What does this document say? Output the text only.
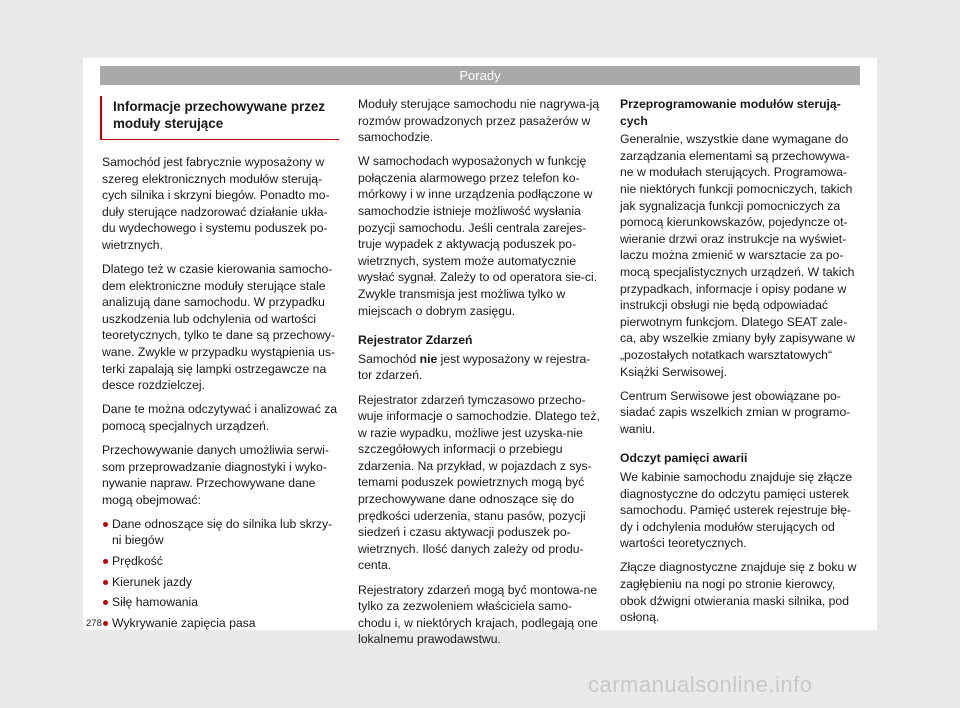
Porady
Informacje przechowywane przez
moduły sterujące

Samochód jest fabrycznie wyposażony w szereg elektronicznych modułów sterują-cych silnika i skrzyni biegów. Ponadto mo-duły sterujące nadzorować działanie ukła-du wydechowego i systemu poduszek po-wietrznych.

Dlatego też w czasie kierowania samocho-dem elektroniczne moduły sterujące stale analizują dane samochodu. W przypadku uszkodzenia lub odchylenia od wartości teoretycznych, tylko te dane są przechowy-wane. Zwykle w przypadku wystąpienia us-terki zapalają się lampki ostrzegawcze na desce rozdzielczej.

Dane te można odczytywać i analizować za pomocą specjalnych urządzeń.

Przechowywanie danych umożliwia serwi-som przeprowadzanie diagnostyki i wyko-nywanie napraw. Przechowywane dane mogą obejmować:

Dane odnoszące się do silnika lub skrzy-ni biegów
Prędkość
Kierunek jazdy
Siłę hamowania
Wykrywanie zapięcia pasa

Moduły sterujące samochodu nie nagrywa-ją rozmów prowadzonych przez pasażerów w samochodzie.

W samochodach wyposażonych w funkcję połączenia alarmowego przez telefon ko-mórkowy i w inne urządzenia podłączone w samochodzie istnieje możliwość wysłania pozycji samochodu. Jeśli centrala zarejes-truje wypadek z aktywacją poduszek po-wietrznych, system może automatycznie wysłać sygnał. Zależy to od operatora sie-ci. Zwykle transmisja jest możliwa tylko w miejscach o dobrym zasięgu.

Rejestrator Zdarzeń

Samochód nie jest wyposażony w rejestra-tor zdarzeń.

Rejestrator zdarzeń tymczasowo przecho-wuje informacje o samochodzie. Dlatego też, w razie wypadku, możliwe jest uzyska-nie szczegółowych informacji o przebiegu zdarzenia. Na przykład, w pojazdach z sys-temami poduszek powietrznych mogą być przechowywane dane odnoszące się do prędkości uderzenia, stanu pasów, pozycji siedzeń i czasu aktywacji poduszek po-wietrznych. Ilość danych zależy od produ-centa.

Rejestratory zdarzeń mogą być montowa-ne tylko za zezwoleniem właściciela samo-chodu i, w niektórych krajach, podlegają one lokalnemu prawodawstwu.

Przeprogramowanie modułów sterują-cych

Generalnie, wszystkie dane wymagane do zarządzania elementami są przechowywa-ne w modułach sterujących. Programowa-nie niektórych funkcji pomocniczych, takich jak sygnalizacja funkcji pomocniczych za pomocą kierunkowskazów, pojedyncze ot-wieranie drzwi oraz instrukcje na wyświet-laczu można zmienić w warsztacie za po-mocą specjalistycznych urządzeń. W takich przypadkach, informacje i opisy podane w instrukcji obsługi nie będą odpowiadać pierwotnym funkcjom. Dlatego SEAT zale-ca, aby wszelkie zmiany były zapisywane w „pozostałych notatkach warsztatowych“ Książki Serwisowej.

Centrum Serwisowe jest obowiązane po-siadać zapis wszelkich zmian w programo-waniu.

Odczyt pamięci awarii

We kabinie samochodu znajduje się złącze diagnostyczne do odczytu pamięci usterek samochodu. Pamięć usterek rejestruje błę-dy i odchylenia modułów sterujących od wartości teoretycznych.

Złącze diagnostyczne znajduje się z boku w zagłębieniu na nogi po stronie kierowcy, obok dźwigni otwierania maski silnika, pod osłoną.

278
carmanualsonline.info
